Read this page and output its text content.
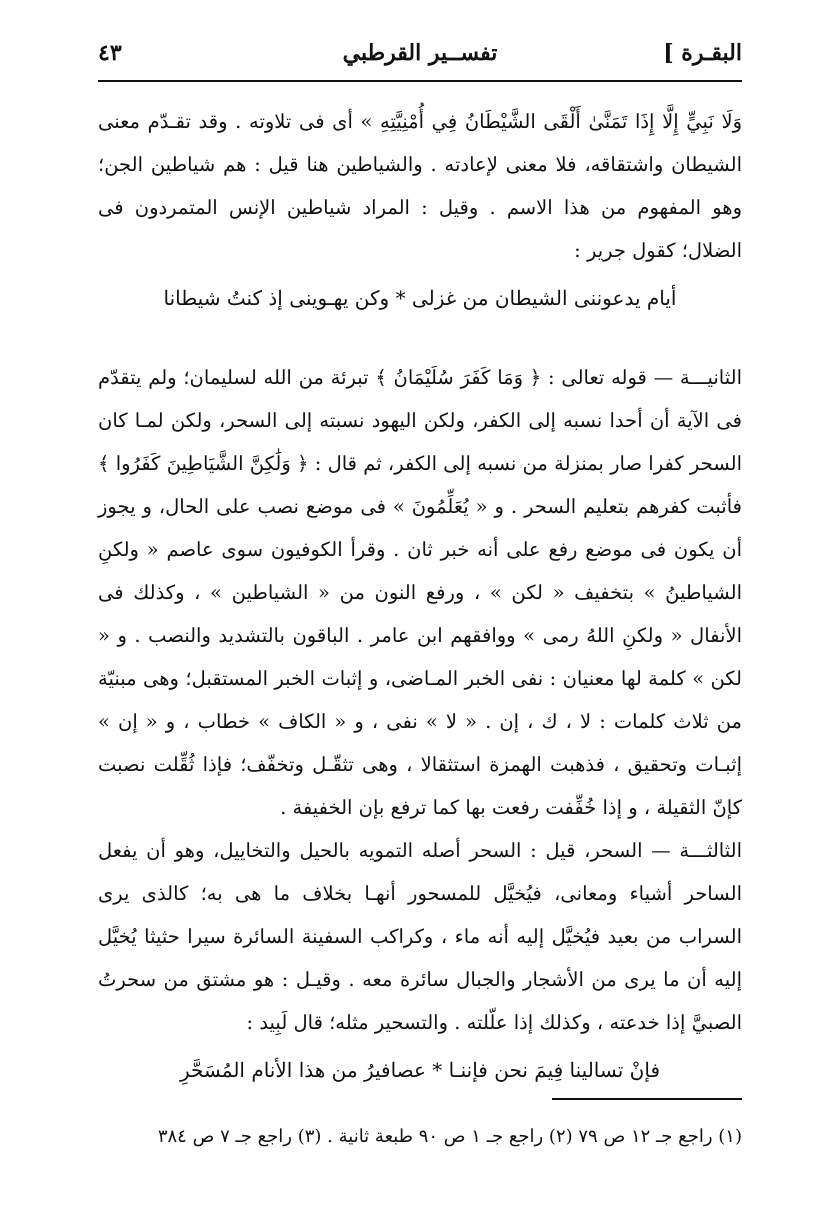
البقـرة ]
تفســير القرطبي
٤٣

وَلَا نَبِيٍّ إِلَّا إِذَا تَمَنَّىٰ أَلْقَى الشَّيْطَانُ فِي أُمْنِيَّتِهِ » أى فى تلاوته . وقد تقـدّم معنى الشيطان واشتقاقه، فلا معنى لإعادته . والشياطين هنا قيل : هم شياطين الجن؛ وهو المفهوم من هذا الاسم . وقيل : المراد شياطين الإنس المتمردون فى الضلال؛ كقول جرير :

أيام يدعوننى الشيطان من غزلى * وكن يهـوينى إذ كنتُ شيطانا

الثانيـــة — قوله تعالى : ﴿ وَمَا كَفَرَ سُلَيْمَانُ ﴾ تبرئة من الله لسليمان؛ ولم يتقدّم فى الآية أن أحدا نسبه إلى الكفر، ولكن اليهود نسبته إلى السحر، ولكن لمـا كان السحر كفرا صار بمنزلة من نسبه إلى الكفر، ثم قال : ﴿ وَلَٰكِنَّ الشَّيَاطِينَ كَفَرُوا ﴾ فأثبت كفرهم بتعليم السحر . و « يُعَلِّمُونَ » فى موضع نصب على الحال، و يجوز أن يكون فى موضع رفع على أنه خبر ثان . وقرأ الكوفيون سوى عاصم « ولكنِ الشياطينُ » بتخفيف « لكن » ، ورفع النون من « الشياطين » ، وكذلك فى الأنفال « ولكنِ اللهُ رمى » ووافقهم ابن عامر . الباقون بالتشديد والنصب . و « لكن » كلمة لها معنيان : نفى الخبر المـاضى، و إثبات الخبر المستقبل؛ وهى مبنيّة من ثلاث كلمات : لا ، ك ، إن . « لا » نفى ، و « الكاف » خطاب ، و « إن » إثبـات وتحقيق ، فذهبت الهمزة استثقالا ، وهى تثقّـل وتخفّف؛ فإذا ثُقِّلت نصبت كإنّ الثقيلة ، و إذا خُفِّفت رفعت بها كما ترفع بإن الخفيفة .

الثالثـــة — السحر، قيل : السحر أصله التمويه بالحيل والتخاييل، وهو أن يفعل الساحر أشياء ومعانى، فيُخيَّل للمسحور أنهـا بخلاف ما هى به؛ كالذى يرى السراب من بعيد فيُخيَّل إليه أنه ماء ، وكراكب السفينة السائرة سيرا حثيثا يُخيَّل إليه أن ما يرى من الأشجار والجبال سائرة معه . وقيـل : هو مشتق من سحرتُ الصبيَّ إذا خدعته ، وكذلك إذا علّلته . والتسحير مثله؛ قال لَبِيد :

فإنْ تسالينا فِيمَ نحن فإننـا * عصافيرُ من هذا الأنام المُسَحَّرِ

(١) راجع جـ ١٢ ص ٧٩ (٢) راجع جـ ١ ص ٩٠ طبعة ثانية . (٣) راجع جـ ٧ ص ٣٨٤
